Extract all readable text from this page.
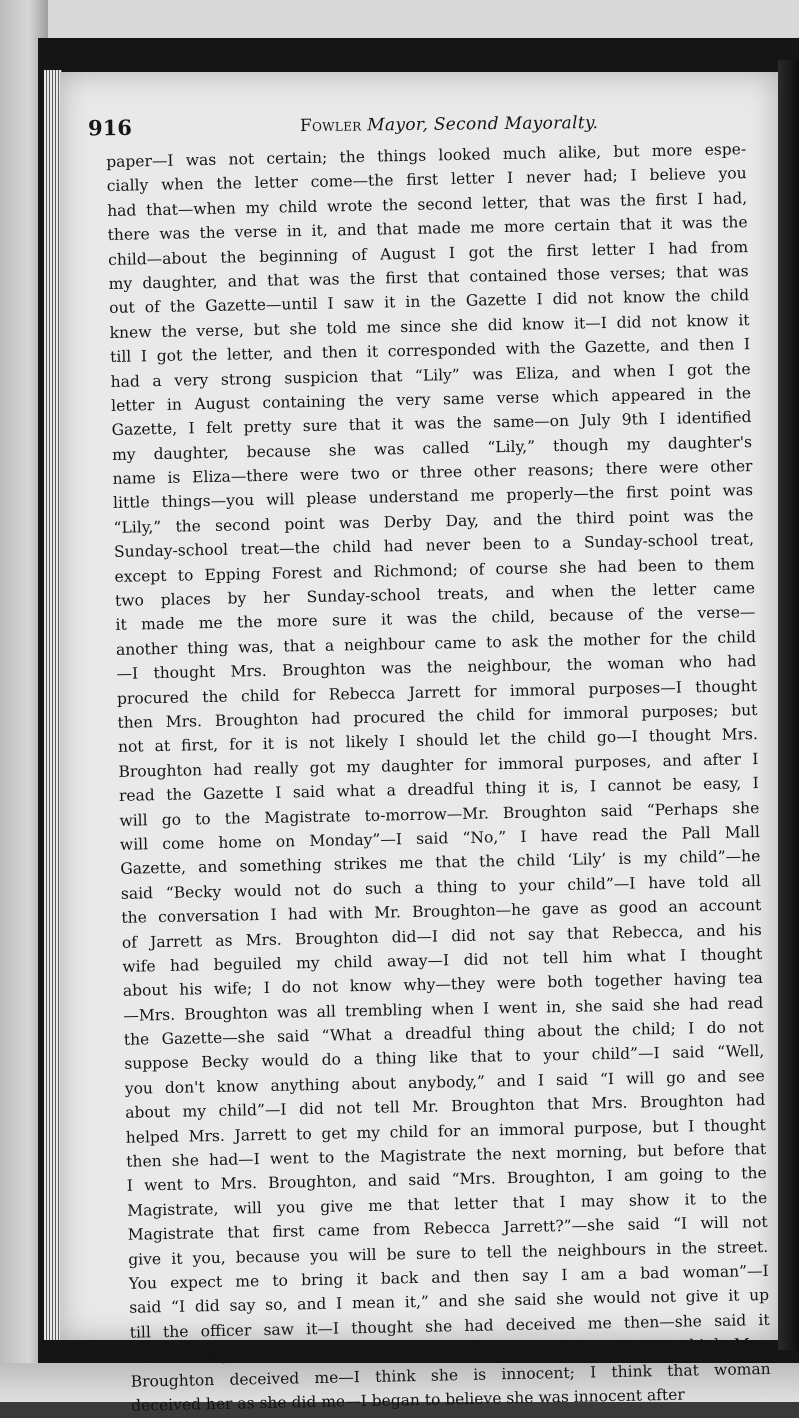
916	Fowler Mayor, Second Mayoralty.
paper—I was not certain; the things looked much alike, but more espe-
cially when the letter come—the first letter I never had; I believe you
had that—when my child wrote the second letter, that was the first I had,
there was the verse in it, and that made me more certain that it was the
child—about the beginning of August I got the first letter I had from
my daughter, and that was the first that contained those verses; that was
out of the Gazette—until I saw it in the Gazette I did not know the child
knew the verse, but she told me since she did know it—I did not know it
till I got the letter, and then it corresponded with the Gazette, and then I
had a very strong suspicion that “Lily” was Eliza, and when I got the
letter in August containing the very same verse which appeared in the
Gazette, I felt pretty sure that it was the same—on July 9th I identified
my daughter, because she was called “Lily,” though my daughter's
name is Eliza—there were two or three other reasons; there were other
little things—you will please understand me properly—the first point was
“Lily,” the second point was Derby Day, and the third point was the
Sunday-school treat—the child had never been to a Sunday-school treat,
except to Epping Forest and Richmond; of course she had been to them
two places by her Sunday-school treats, and when the letter came
it made me the more sure it was the child, because of the verse—
another thing was, that a neighbour came to ask the mother for the child
—I thought Mrs. Broughton was the neighbour, the woman who had
procured the child for Rebecca Jarrett for immoral purposes—I thought
then Mrs. Broughton had procured the child for immoral purposes; but
not at first, for it is not likely I should let the child go—I thought Mrs.
Broughton had really got my daughter for immoral purposes, and after I
read the Gazette I said what a dreadful thing it is, I cannot be easy, I
will go to the Magistrate to-morrow—Mr. Broughton said “Perhaps she
will come home on Monday”—I said “No,” I have read the Pall Mall
Gazette, and something strikes me that the child ‘Lily’ is my child”—he
said “Becky would not do such a thing to your child”—I have told all
the conversation I had with Mr. Broughton—he gave as good an account
of Jarrett as Mrs. Broughton did—I did not say that Rebecca, and his
wife had beguiled my child away—I did not tell him what I thought
about his wife; I do not know why—they were both together having tea
—Mrs. Broughton was all trembling when I went in, she said she had read
the Gazette—she said “What a dreadful thing about the child; I do not
suppose Becky would do a thing like that to your child”—I said “Well,
you don't know anything about anybody,” and I said “I will go and see
about my child”—I did not tell Mr. Broughton that Mrs. Broughton had
helped Mrs. Jarrett to get my child for an immoral purpose, but I thought
then she had—I went to the Magistrate the next morning, but before that
I went to Mrs. Broughton, and said “Mrs. Broughton, I am going to the
Magistrate, will you give me that letter that I may show it to the
Magistrate that first came from Rebecca Jarrett?”—she said “I will not
give it you, because you will be sure to tell the neighbours in the street.
You expect me to bring it back and then say I am a bad woman”—I
said “I did say so, and I mean it,” and she said she would not give it up
till the officer saw it—I thought she had deceived me then—she said it
was not my child, and I said I expected it was—I do not now think Mrs.
Broughton deceived me—I think she is innocent; I think that woman
deceived her as she did me—I began to believe she was innocent after
